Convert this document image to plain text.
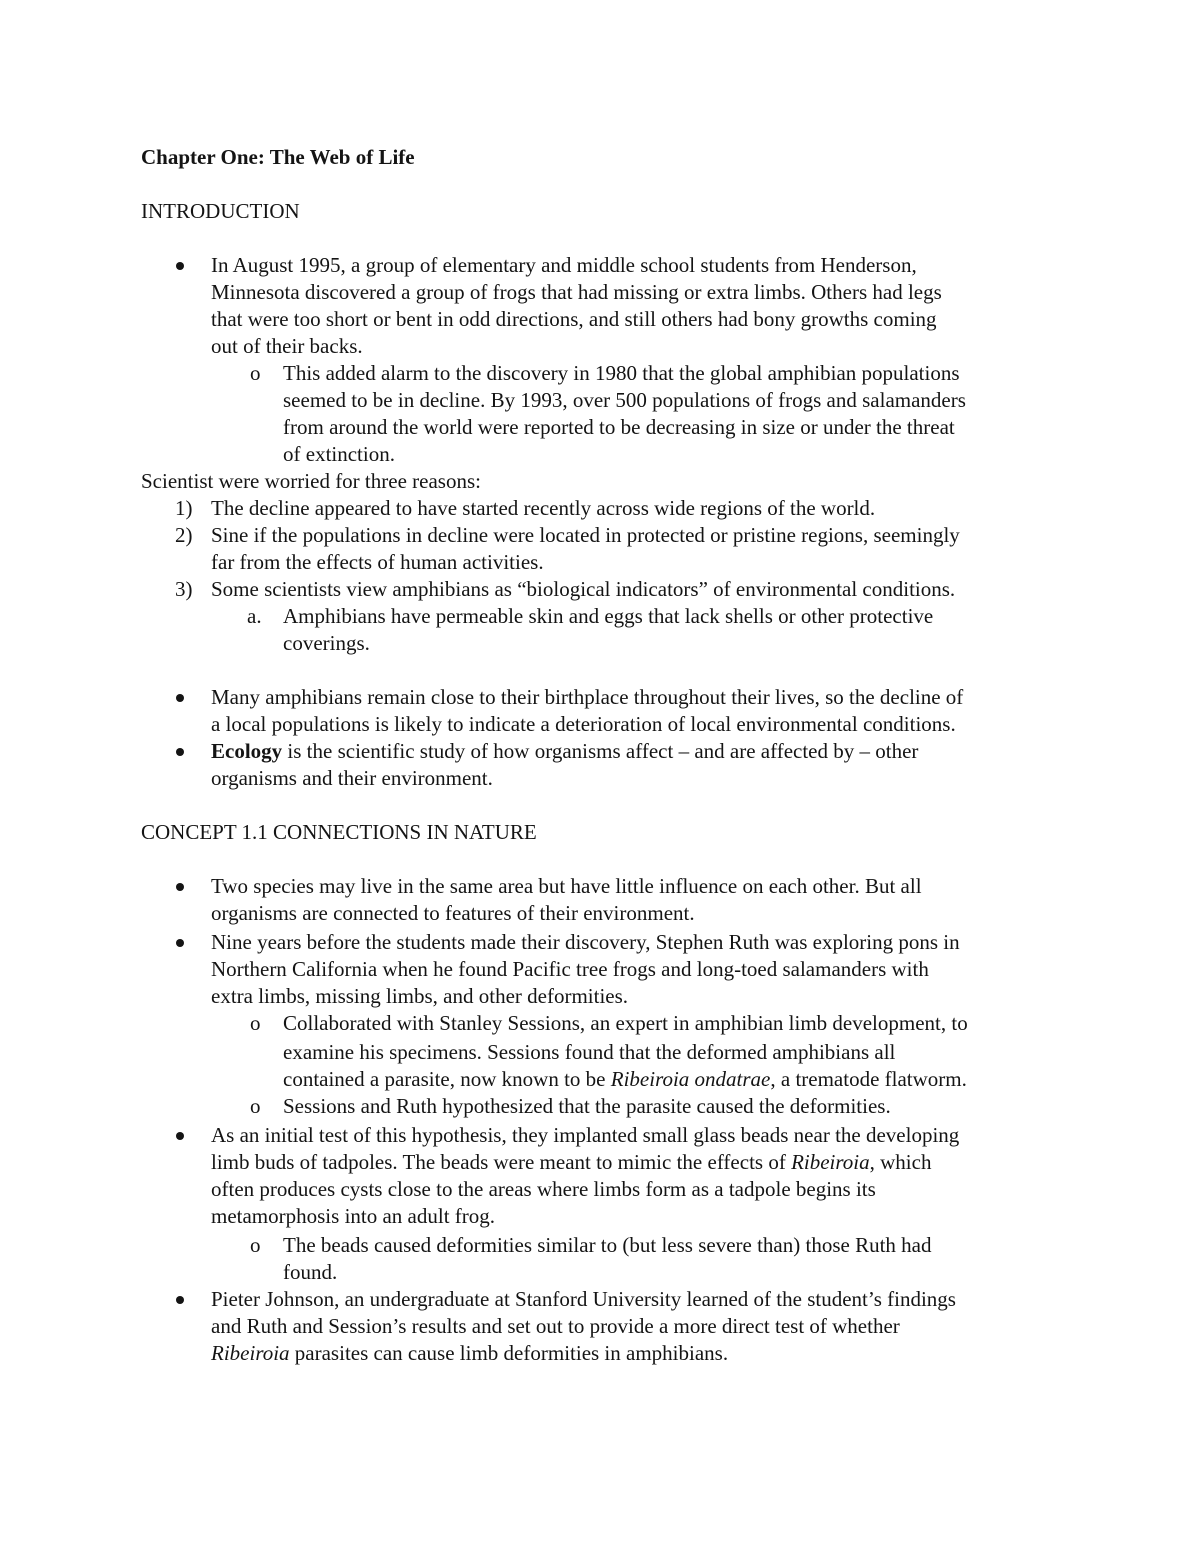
Chapter One: The Web of Life
INTRODUCTION
In August 1995, a group of elementary and middle school students from Henderson,
Minnesota discovered a group of frogs that had missing or extra limbs. Others had legs
that were too short or bent in odd directions, and still others had bony growths coming
out of their backs.
o This added alarm to the discovery in 1980 that the global amphibian populations
seemed to be in decline. By 1993, over 500 populations of frogs and salamanders
from around the world were reported to be decreasing in size or under the threat
of extinction.
Scientist were worried for three reasons:
1) The decline appeared to have started recently across wide regions of the world.
2) Sine if the populations in decline were located in protected or pristine regions, seemingly
far from the effects of human activities.
3) Some scientists view amphibians as “biological indicators” of environmental conditions.
a. Amphibians have permeable skin and eggs that lack shells or other protective
coverings.
Many amphibians remain close to their birthplace throughout their lives, so the decline of
a local populations is likely to indicate a deterioration of local environmental conditions.
Ecology is the scientific study of how organisms affect – and are affected by – other
organisms and their environment.
CONCEPT 1.1 CONNECTIONS IN NATURE
Two species may live in the same area but have little influence on each other. But all
organisms are connected to features of their environment.
Nine years before the students made their discovery, Stephen Ruth was exploring pons in
Northern California when he found Pacific tree frogs and long-toed salamanders with
extra limbs, missing limbs, and other deformities.
o Collaborated with Stanley Sessions, an expert in amphibian limb development, to
examine his specimens. Sessions found that the deformed amphibians all
contained a parasite, now known to be Ribeiroia ondatrae, a trematode flatworm.
o Sessions and Ruth hypothesized that the parasite caused the deformities.
As an initial test of this hypothesis, they implanted small glass beads near the developing
limb buds of tadpoles. The beads were meant to mimic the effects of Ribeiroia, which
often produces cysts close to the areas where limbs form as a tadpole begins its
metamorphosis into an adult frog.
o The beads caused deformities similar to (but less severe than) those Ruth had
found.
Pieter Johnson, an undergraduate at Stanford University learned of the student’s findings
and Ruth and Session’s results and set out to provide a more direct test of whether
Ribeiroia parasites can cause limb deformities in amphibians.
